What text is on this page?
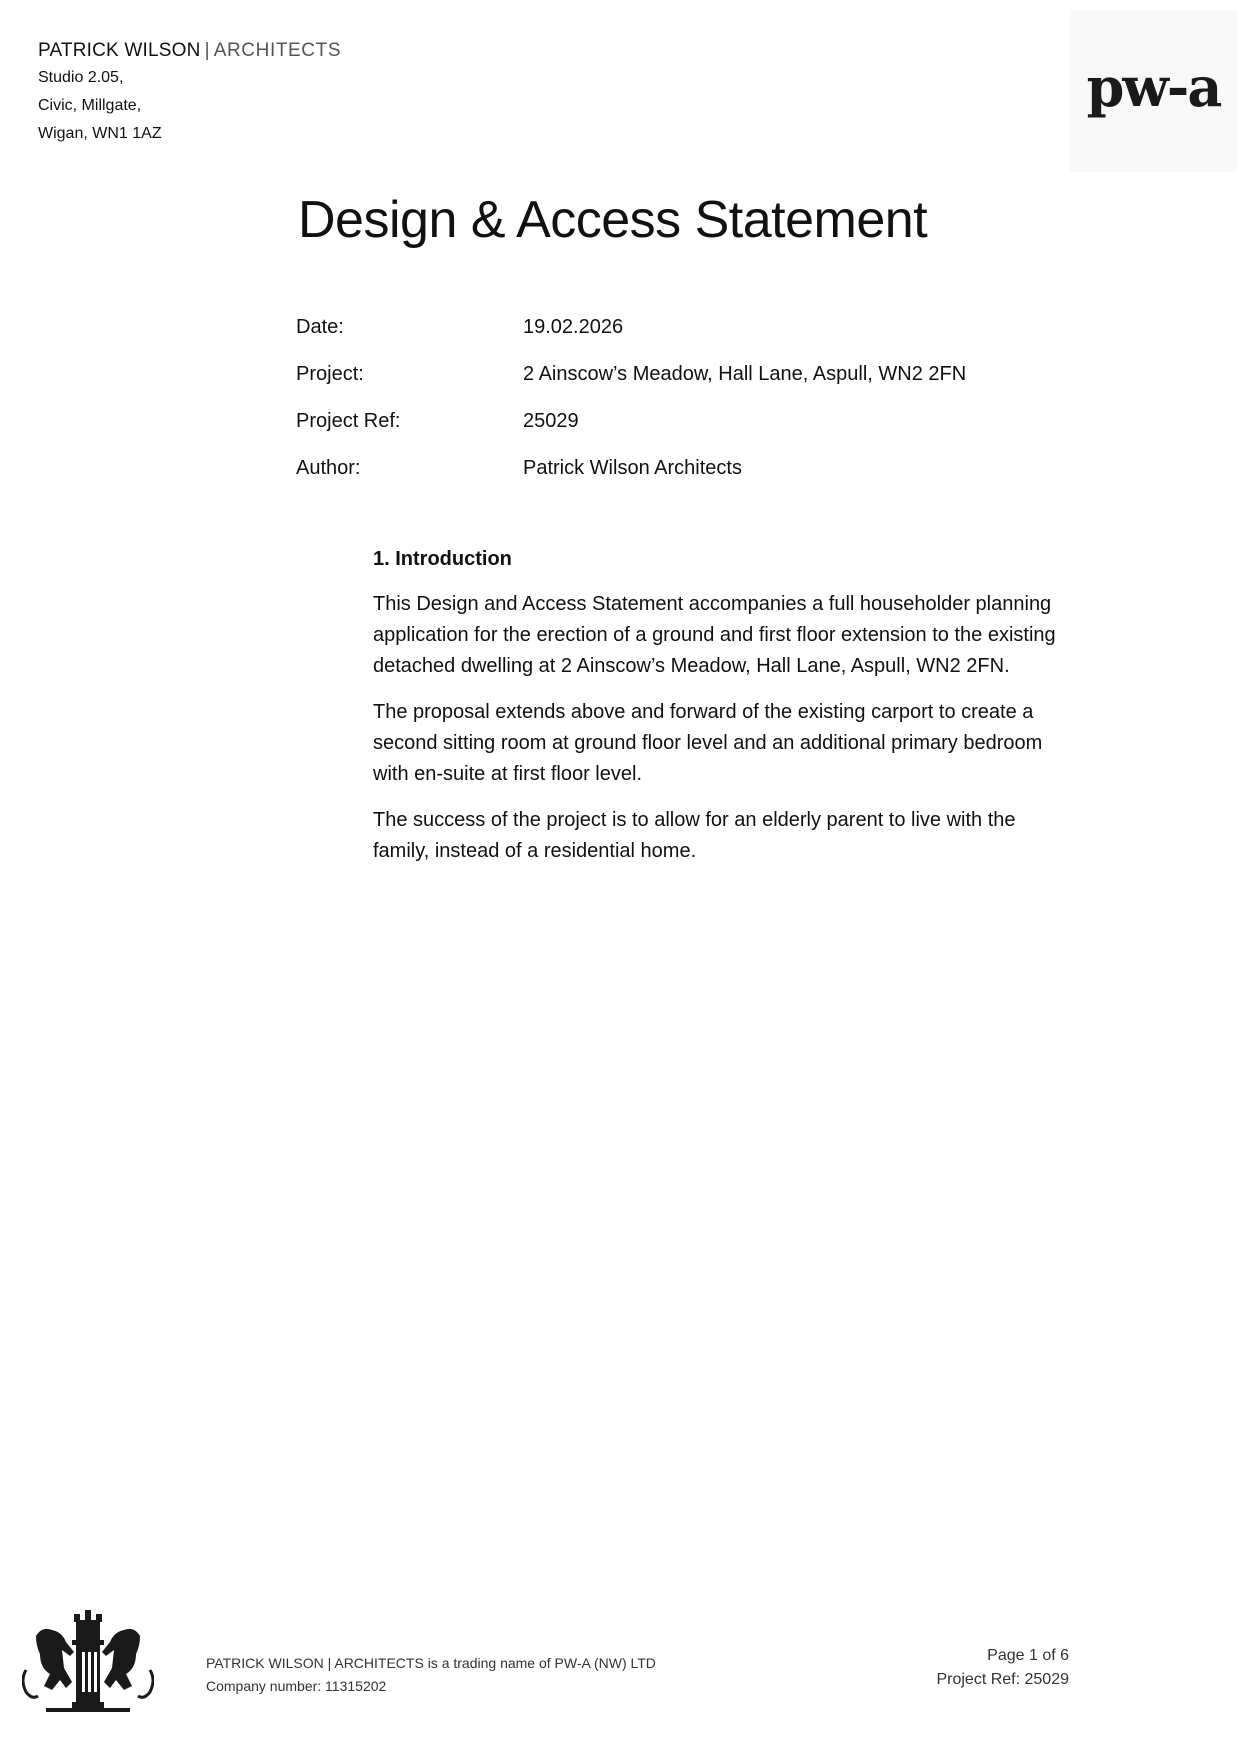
PATRICK WILSON | ARCHITECTS
Studio 2.05,
Civic, Millgate,
Wigan, WN1 1AZ
pw-a
Design & Access Statement
Date:	19.02.2026
Project:	2 Ainscow’s Meadow, Hall Lane, Aspull, WN2 2FN
Project Ref:	25029
Author:	Patrick Wilson Architects
1. Introduction

This Design and Access Statement accompanies a full householder planning application for the erection of a ground and first floor extension to the existing detached dwelling at 2 Ainscow’s Meadow, Hall Lane, Aspull, WN2 2FN.

The proposal extends above and forward of the existing carport to create a second sitting room at ground floor level and an additional primary bedroom with en-suite at first floor level.

The success of the project is to allow for an elderly parent to live with the family, instead of a residential home.

PATRICK WILSON | ARCHITECTS is a trading name of PW-A (NW) LTD
Company number: 11315202
Page 1 of 6
Project Ref: 25029
